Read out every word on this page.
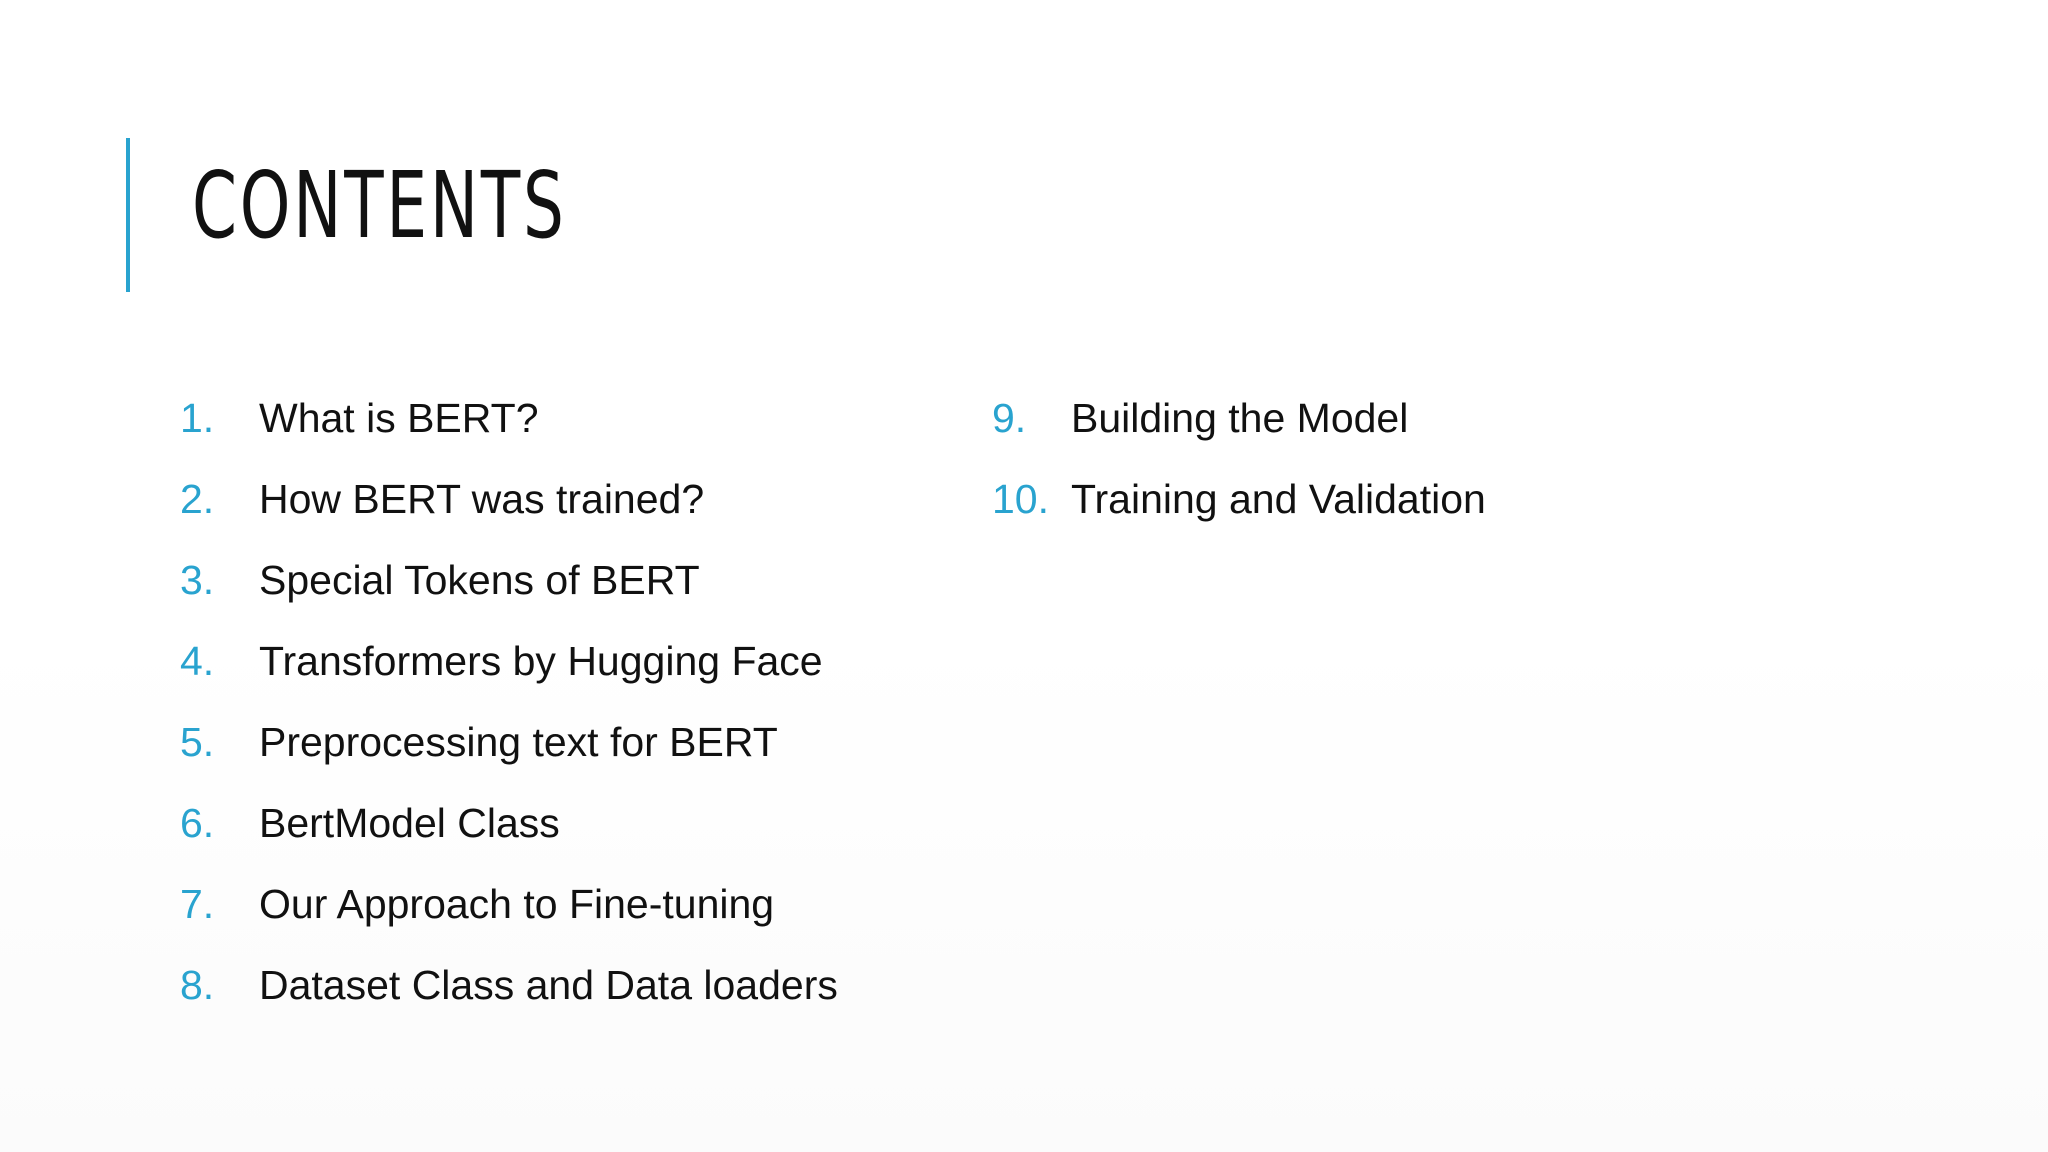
CONTENTS
1.	What is BERT?
2.	How BERT was trained?
3.	Special Tokens of BERT
4.	Transformers by Hugging Face
5.	Preprocessing text for BERT
6.	BertModel Class
7.	Our Approach to Fine-tuning
8.	Dataset Class and Data loaders
9.	Building the Model
10. Training and Validation
